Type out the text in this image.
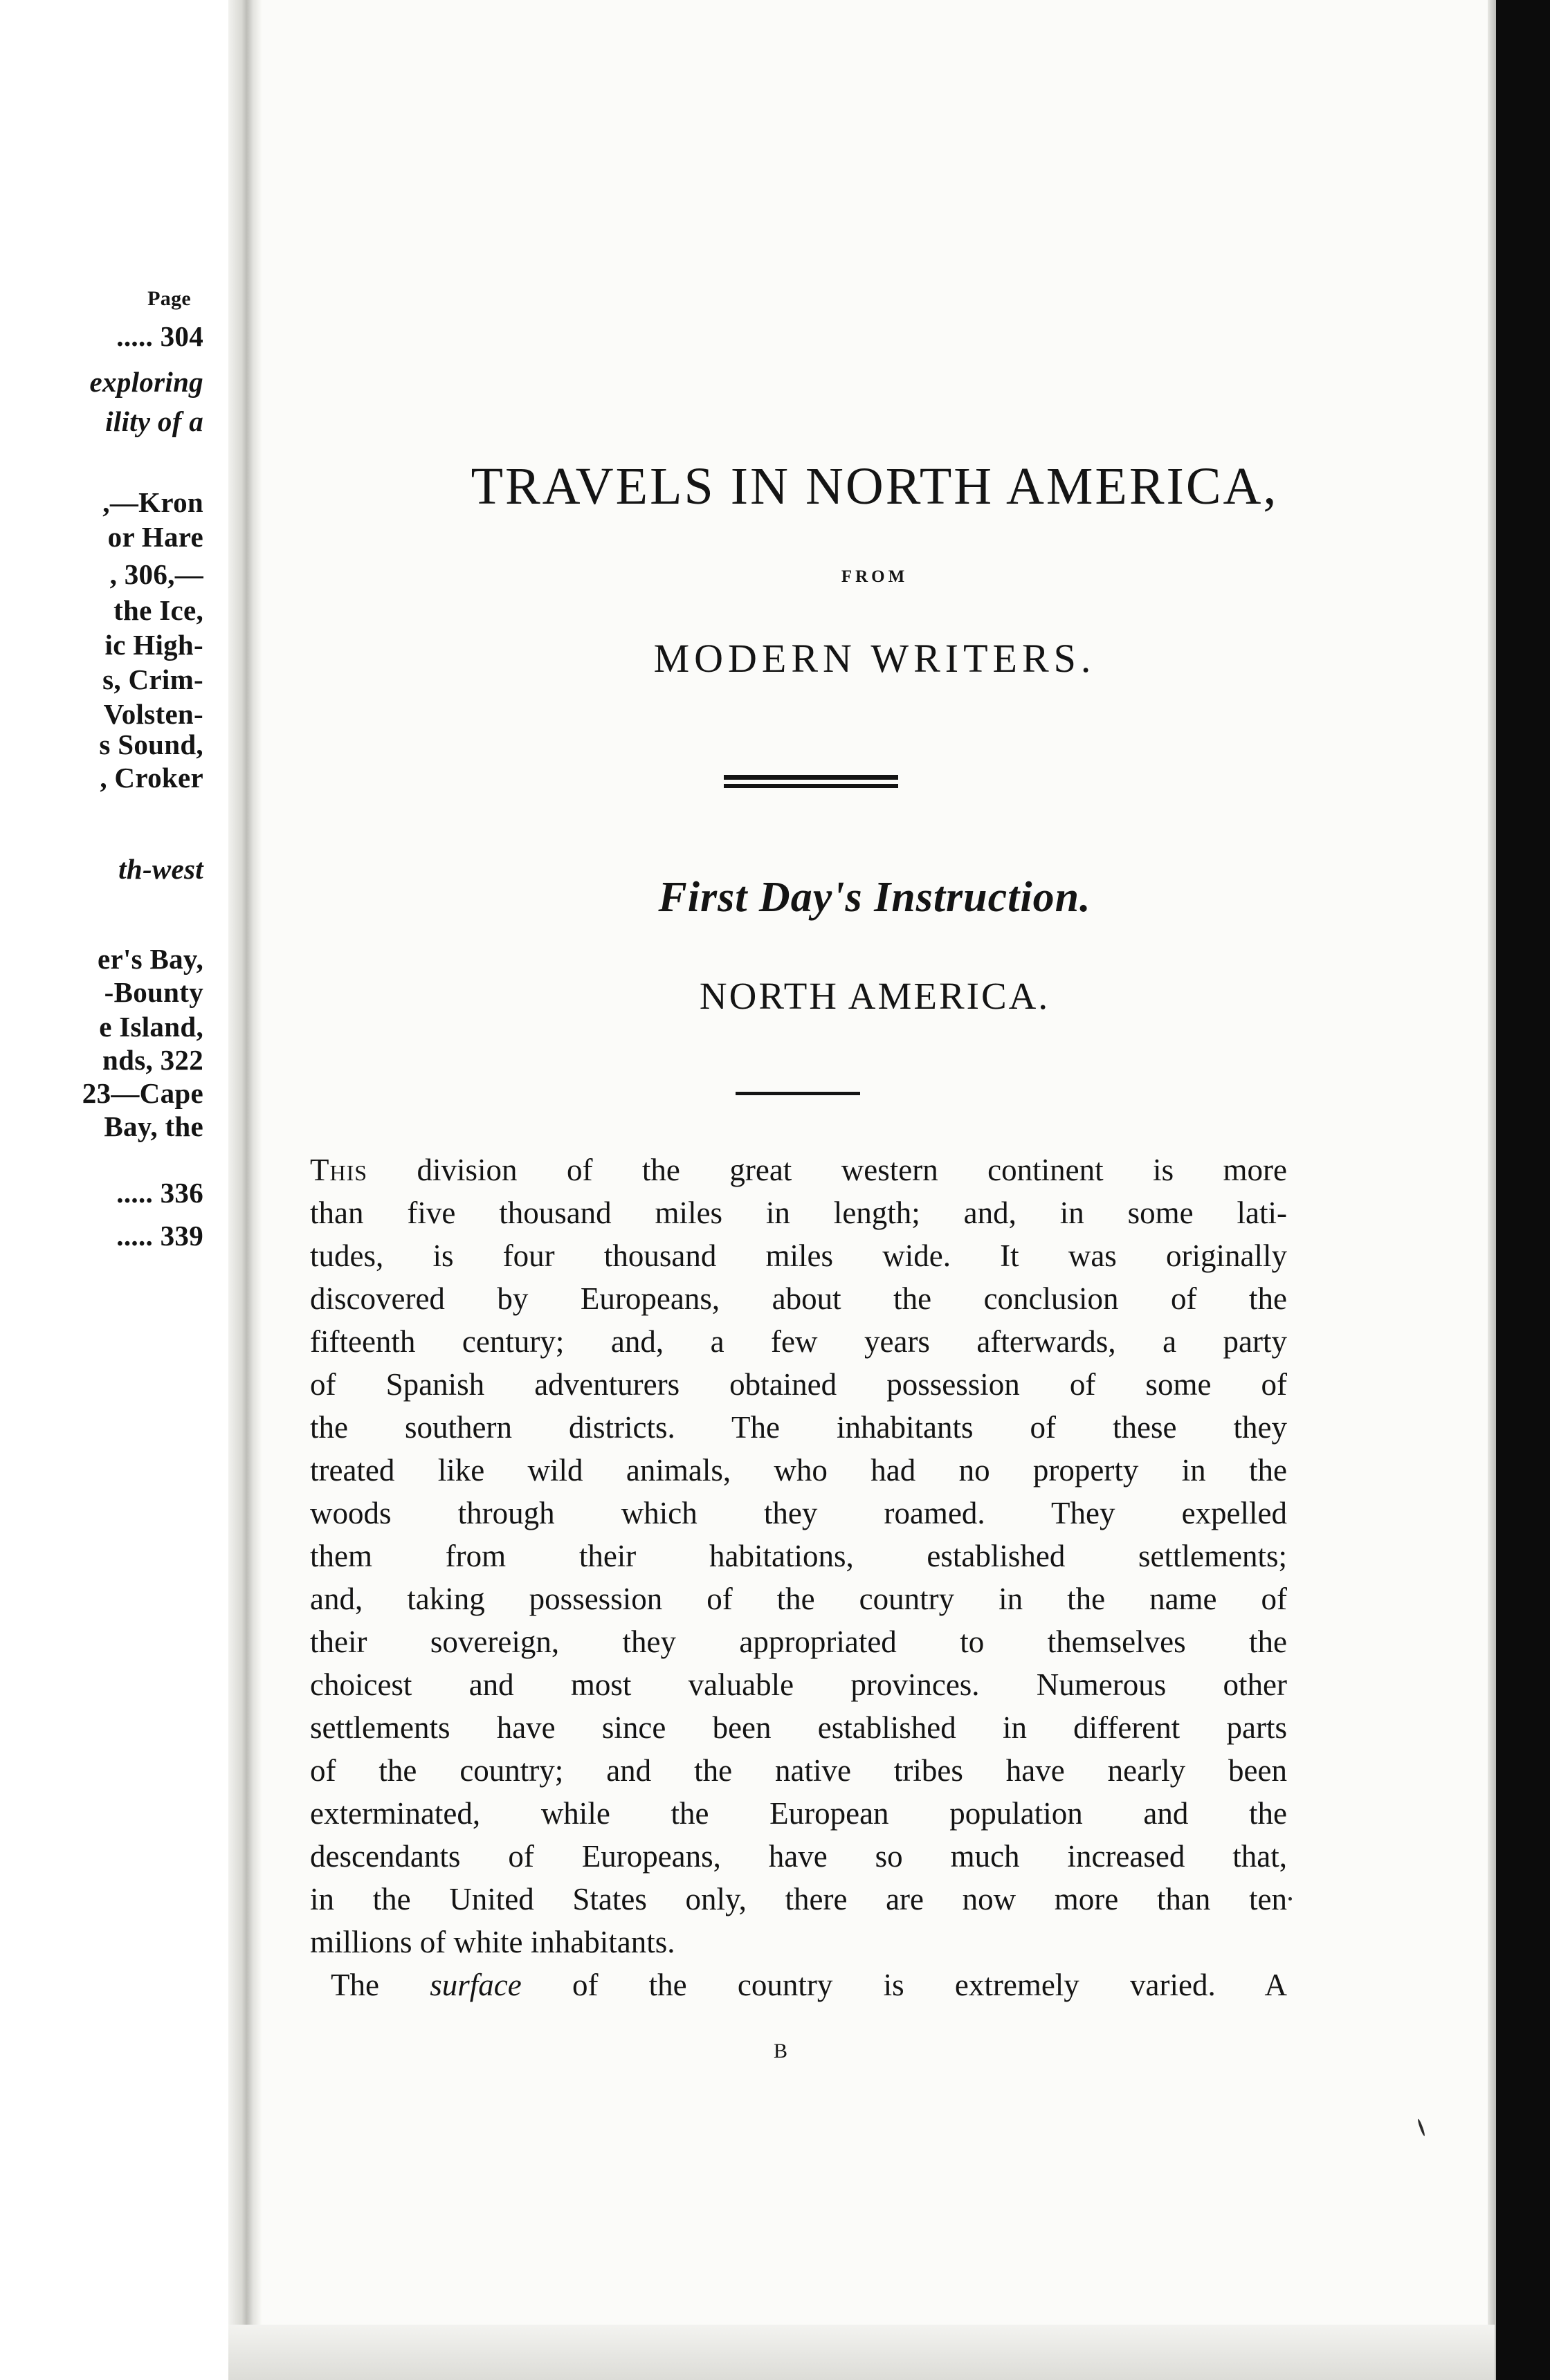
Page
..... 304
exploring
ility of a
,—Kron
or Hare
, 306,—
the Ice,
ic High-
s, Crim-
Volsten-
s Sound,
, Croker
th-west
er's Bay,
-Bounty
e Island,
nds, 322
23—Cape
Bay, the
..... 336
..... 339
TRAVELS IN NORTH AMERICA,
FROM
MODERN WRITERS.
First Day's Instruction.
NORTH AMERICA.
This division of the great western continent is more
than five thousand miles in length; and, in some lati-
tudes, is four thousand miles wide. It was originally
discovered by Europeans, about the conclusion of the
fifteenth century; and, a few years afterwards, a party
of Spanish adventurers obtained possession of some of
the southern districts. The inhabitants of these they
treated like wild animals, who had no property in the
woods through which they roamed. They expelled
them from their habitations, established settlements;
and, taking possession of the country in the name of
their sovereign, they appropriated to themselves the
choicest and most valuable provinces. Numerous other
settlements have since been established in different parts
of the country; and the native tribes have nearly been
exterminated, while the European population and the
descendants of Europeans, have so much increased that,
in the United States only, there are now more than ten
millions of white inhabitants.
The surface of the country is extremely varied. A
B
